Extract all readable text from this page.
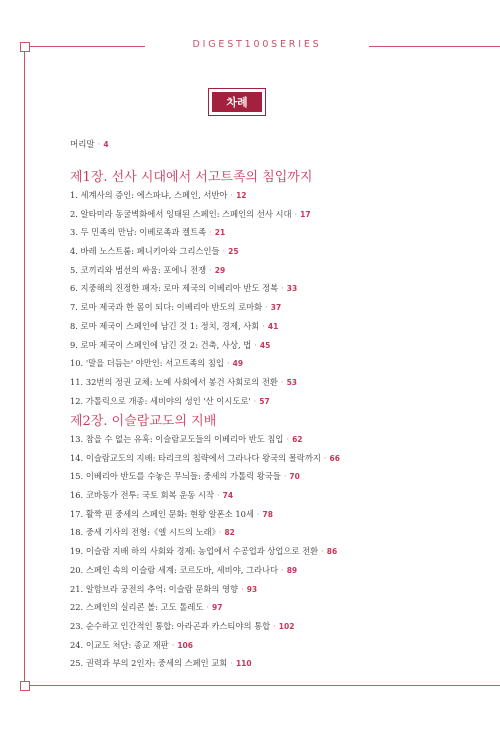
DIGEST100SERIES
차례
머리말 · 4
제1장. 선사 시대에서 서고트족의 침입까지
1. 세계사의 증인: 에스파냐, 스페인, 서반아 · 12
2. 알타미라 동굴벽화에서 잉태된 스페인: 스페인의 선사 시대 · 17
3. 두 민족의 만남: 이베로족과 켈트족 · 21
4. 바레 노스트룸: 페니키아와 그리스인들 · 25
5. 코끼리와 범선의 싸움: 포에니 전쟁 · 29
6. 지중해의 진정한 패자: 로마 제국의 이베리아 반도 정복 · 33
7. 로마 제국과 한 몸이 되다: 이베리아 반도의 로마화 · 37
8. 로마 제국이 스페인에 남긴 것 1: 정치, 경제, 사회 · 41
9. 로마 제국이 스페인에 남긴 것 2: 건축, 사상, 법 · 45
10. '말을 더듬는' 야만인: 서고트족의 침입 · 49
11. 32번의 정권 교체: 노예 사회에서 봉건 사회로의 전환 · 53
12. 가톨릭으로 개종: 세비야의 성인 '산 이시도로' · 57
제2장. 이슬람교도의 지배
13. 참을 수 없는 유혹: 이슬람교도들의 이베리아 반도 침입 · 62
14. 이슬람교도의 지배: 타리크의 침략에서 그라나다 왕국의 몰락까지 · 66
15. 이베리아 반도를 수놓은 무늬들: 중세의 가톨릭 왕국들 · 70
16. 코바동가 전투: 국토 회복 운동 시작 · 74
17. 활짝 핀 중세의 스페인 문화: 현왕 알폰소 10세 · 78
18. 중세 기사의 전형:《엘 시드의 노래》 · 82
19. 이슬람 지배 하의 사회와 경제: 농업에서 수공업과 상업으로 전환 · 86
20. 스페인 속의 이슬람 세계: 코르도바, 세비야, 그라나다 · 89
21. 알함브라 궁전의 추억: 이슬람 문화의 영향 · 93
22. 스페인의 실리콘 볼: 고도 톨레도 · 97
23. 순수하고 인간적인 통합: 아라곤과 카스티야의 통합 · 102
24. 이교도 처단: 종교 재판 · 106
25. 권력과 부의 2인자: 중세의 스페인 교회 · 110
